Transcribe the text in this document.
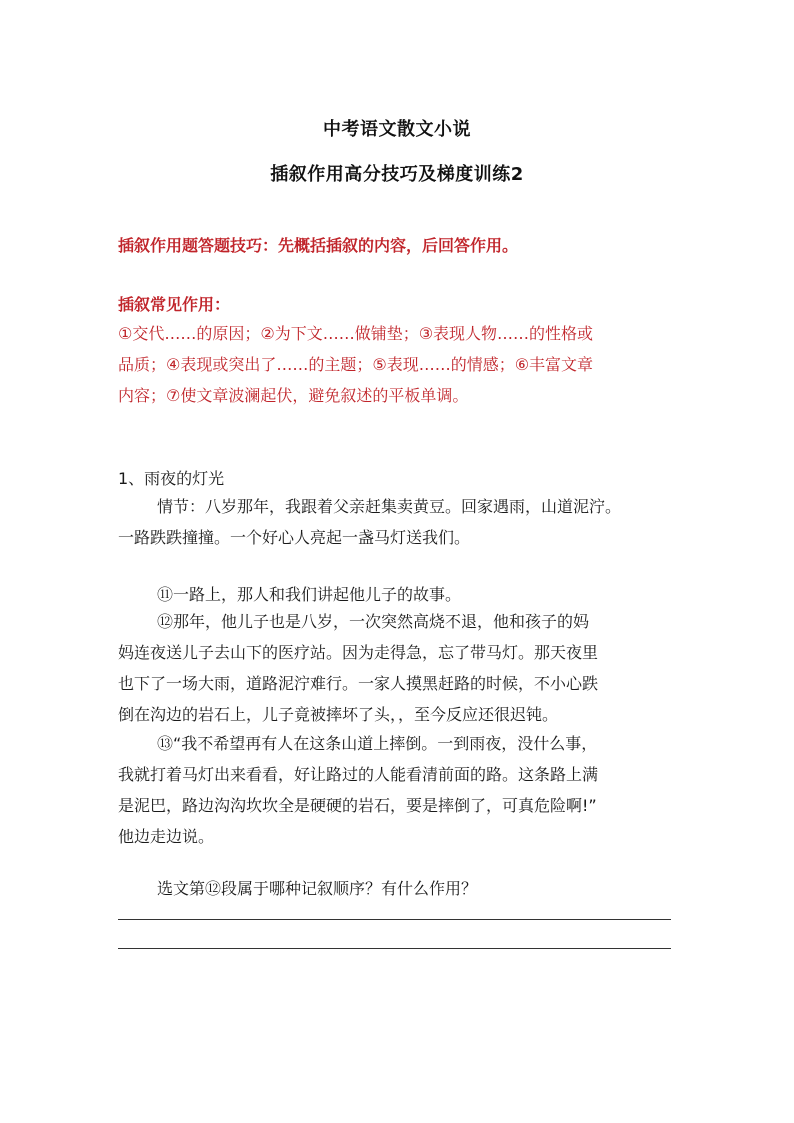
中考语文散文小说
插叙作用高分技巧及梯度训练2
插叙作用题答题技巧：先概括插叙的内容，后回答作用。
插叙常见作用：
①交代……的原因；②为下文……做铺垫；③表现人物……的性格或
品质；④表现或突出了……的主题；⑤表现……的情感；⑥丰富文章
内容；⑦使文章波澜起伏，避免叙述的平板单调。
1、雨夜的灯光
情节：八岁那年，我跟着父亲赶集卖黄豆。回家遇雨，山道泥泞。
一路跌跌撞撞。一个好心人亮起一盏马灯送我们。
⑪一路上，那人和我们讲起他儿子的故事。
⑫那年，他儿子也是八岁，一次突然高烧不退，他和孩子的妈
妈连夜送儿子去山下的医疗站。因为走得急，忘了带马灯。那天夜里
也下了一场大雨，道路泥泞难行。一家人摸黑赶路的时候，不小心跌
倒在沟边的岩石上，儿子竟被摔坏了头，，至今反应还很迟钝。
⑬“我不希望再有人在这条山道上摔倒。一到雨夜，没什么事，
我就打着马灯出来看看，好让路过的人能看清前面的路。这条路上满
是泥巴，路边沟沟坎坎全是硬硬的岩石，要是摔倒了，可真危险啊!”
他边走边说。
选文第⑫段属于哪种记叙顺序？有什么作用？
